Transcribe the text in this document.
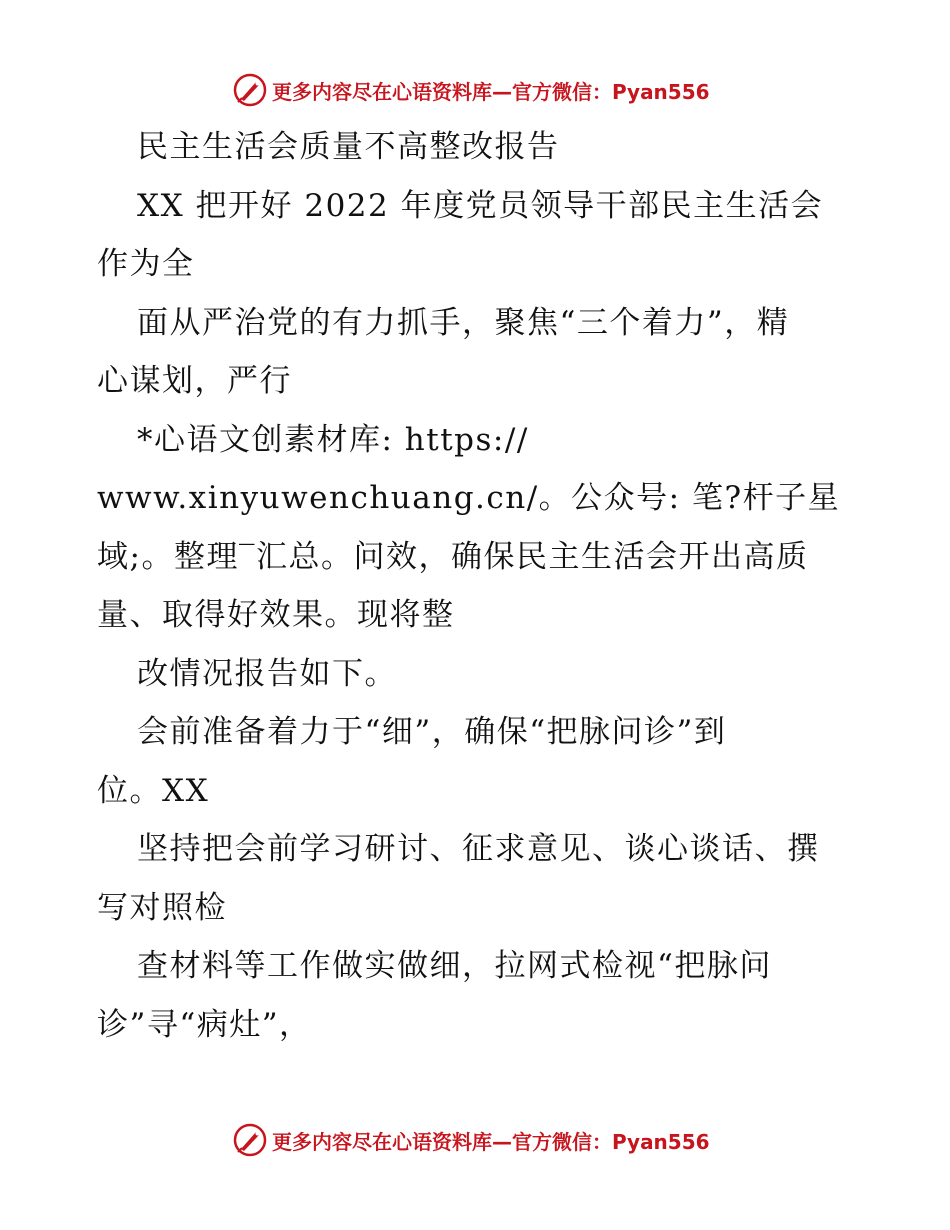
更多内容尽在心语资料库—官方微信：Pyan556
民主生活会质量不高整改报告
XX 把开好 2022 年度党员领导干部民主生活会
作为全
面从严治党的有力抓手，聚焦“三个着力”，精
心谋划，严行
*心语文创素材库: https://
www.xinyuwenchuang.cn/。公众号: 笔?杆子星
域;。整理‾汇总。问效，确保民主生活会开出高质
量、取得好效果。现将整
改情况报告如下。
会前准备着力于“细”，确保“把脉问诊”到
位。XX
坚持把会前学习研讨、征求意见、谈心谈话、撰
写对照检
查材料等工作做实做细，拉网式检视“把脉问
诊”寻“病灶”，
更多内容尽在心语资料库—官方微信：Pyan556
